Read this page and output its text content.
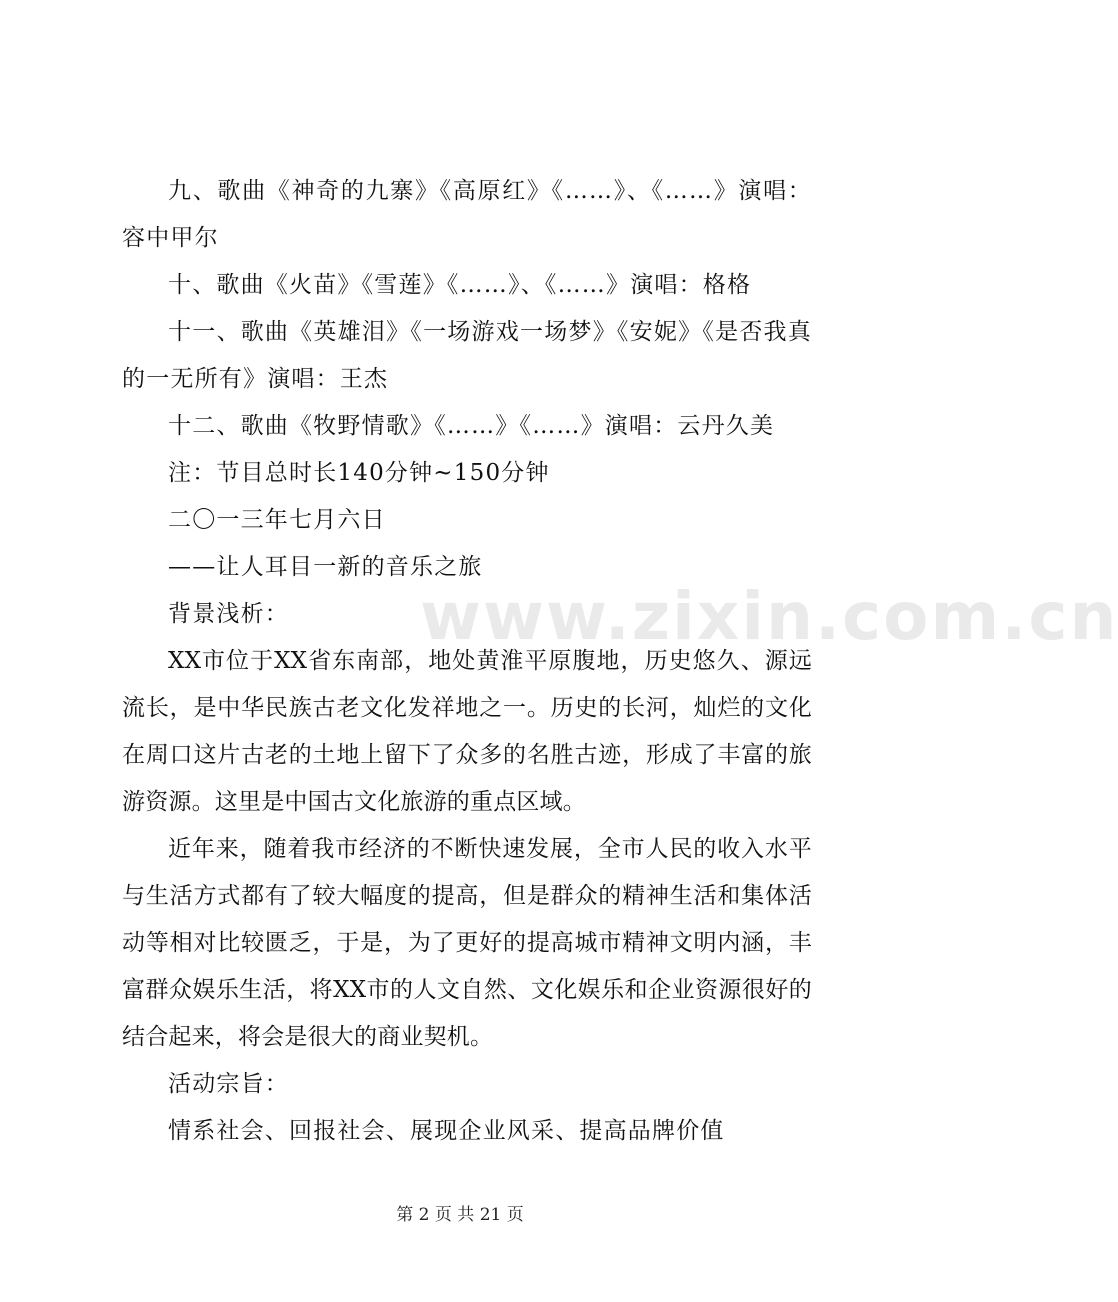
九、歌曲《神奇的九寨》《高原红》《……》、《……》演唱：容中甲尔

十、歌曲《火苗》《雪莲》《……》、《……》演唱：格格

十一、歌曲《英雄泪》《一场游戏一场梦》《安妮》《是否我真的一无所有》演唱：王杰

十二、歌曲《牧野情歌》《……》《……》演唱：云丹久美

注：节目总时长140分钟~150分钟

二〇一三年七月六日

——让人耳目一新的音乐之旅

背景浅析：

XX市位于XX省东南部，地处黄淮平原腹地，历史悠久、源远流长，是中华民族古老文化发祥地之一。历史的长河，灿烂的文化在周口这片古老的土地上留下了众多的名胜古迹，形成了丰富的旅游资源。这里是中国古文化旅游的重点区域。

近年来，随着我市经济的不断快速发展，全市人民的收入水平与生活方式都有了较大幅度的提高，但是群众的精神生活和集体活动等相对比较匮乏，于是，为了更好的提高城市精神文明内涵，丰富群众娱乐生活，将XX市的人文自然、文化娱乐和企业资源很好的结合起来，将会是很大的商业契机。

活动宗旨：

情系社会、回报社会、展现企业风采、提高品牌价值

www.zixin.com.cn
第 2 页 共 21 页
